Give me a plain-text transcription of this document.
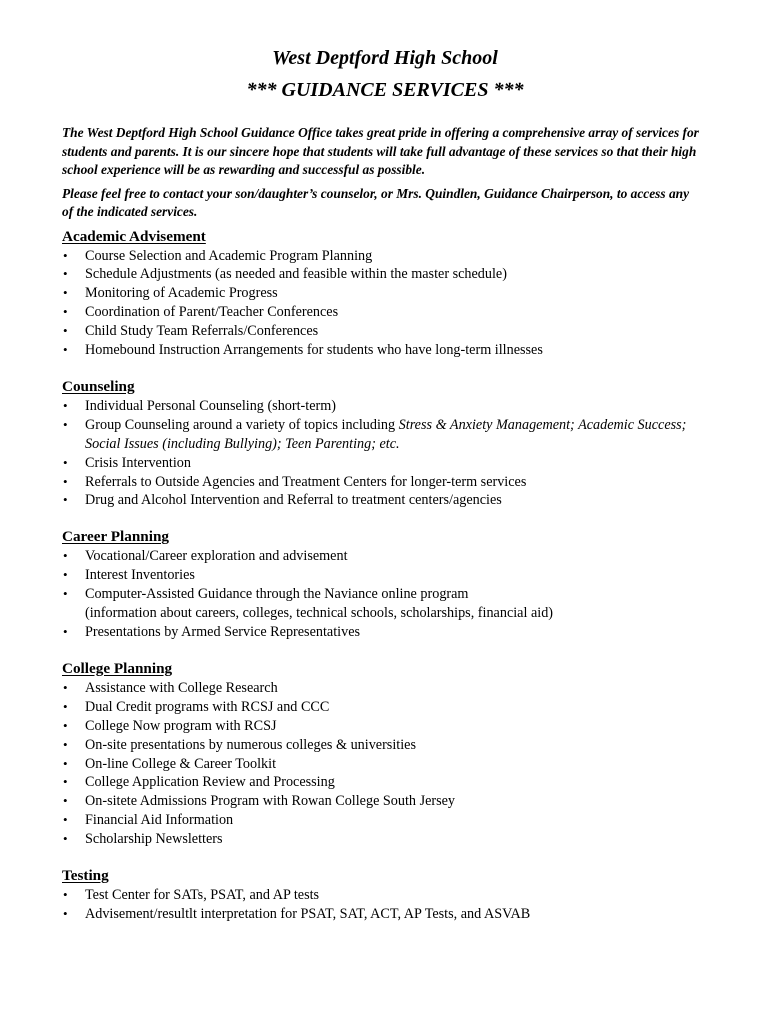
West Deptford High School

*** GUIDANCE SERVICES ***

The West Deptford High School Guidance Office takes great pride in offering a comprehensive array of services for students and parents. It is our sincere hope that students will take full advantage of these services so that their high school experience will be as rewarding and successful as possible.

Please feel free to contact your son/daughter’s counselor, or Mrs. Quindlen, Guidance Chairperson, to access any of the indicated services.

Academic Advisement

• Course Selection and Academic Program Planning
• Schedule Adjustments (as needed and feasible within the master schedule)
• Monitoring of Academic Progress
• Coordination of Parent/Teacher Conferences
• Child Study Team Referrals/Conferences
• Homebound Instruction Arrangements for students who have long-term illnesses

Counseling

• Individual Personal Counseling (short-term)
• Group Counseling around a variety of topics including Stress & Anxiety Management; Academic Success; Social Issues (including Bullying); Teen Parenting; etc.
• Crisis Intervention
• Referrals to Outside Agencies and Treatment Centers for longer-term services
• Drug and Alcohol Intervention and Referral to treatment centers/agencies

Career Planning

• Vocational/Career exploration and advisement
• Interest Inventories
• Computer-Assisted Guidance through the Naviance online program
(information about careers, colleges, technical schools, scholarships, financial aid)
• Presentations by Armed Service Representatives

College Planning

• Assistance with College Research
• Dual Credit programs with RCSJ and CCC
• College Now program with RCSJ
• On-site presentations by numerous colleges & universities
• On-line College & Career Toolkit
• College Application Review and Processing
• On-sitete Admissions Program with Rowan College South Jersey
• Financial Aid Information
• Scholarship Newsletters

Testing

• Test Center for SATs, PSAT, and AP tests
• Advisement/resultlt interpretation for PSAT, SAT, ACT, AP Tests, and ASVAB
